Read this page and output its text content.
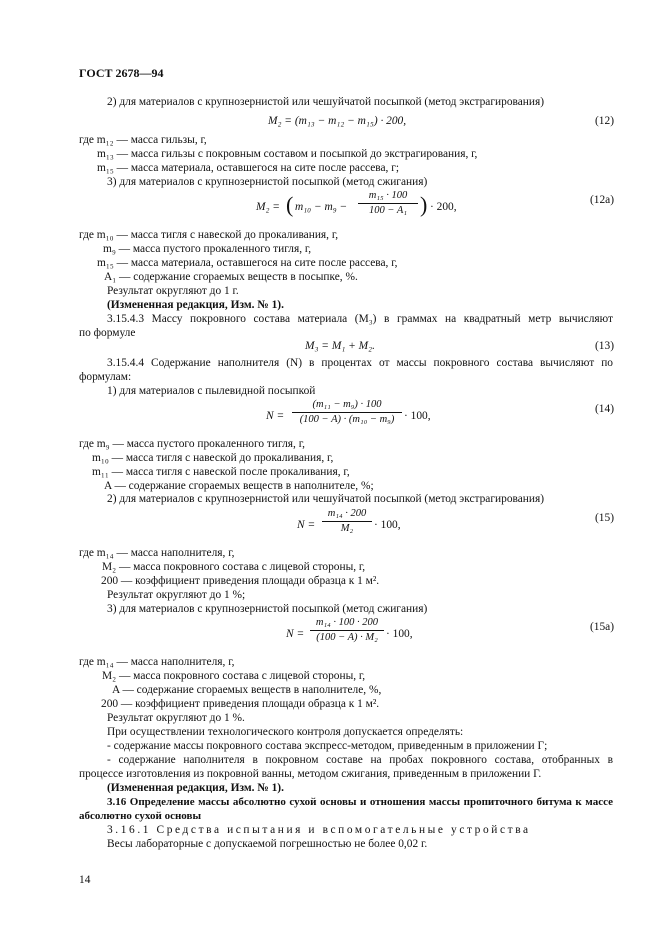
ГОСТ 2678—94
2) для материалов с крупнозернистой или чешуйчатой посыпкой (метод экстрагирования)
M₂ = (m₁₃ − m₁₂ − m₁₅) · 200,	(12)
где m₁₂ — масса гильзы, г,
m₁₃ — масса гильзы с покровным составом и посыпкой до экстрагирования, г,
m₁₅ — масса материала, оставшегося на сите после рассева, г;
3) для материалов с крупнозернистой посыпкой (метод сжигания)
M₂ = ( m₁₀ − m₉ −
m₁₅ · 100
100 − A₁ ) · 200,
(12а)
где m₁₀ — масса тигля с навеской до прокаливания, г,
m₉ — масса пустого прокаленного тигля, г,
m₁₅ — масса материала, оставшегося на сите после рассева, г,
A₁ — содержание сгораемых веществ в посыпке, %.
Результат округляют до 1 г.
(Измененная редакция, Изм. № 1).
3.15.4.3 Массу покровного состава материала (M₃) в граммах на квадратный метр вычисляют
по формуле
M₃ = M₁ + M₂.	(13)
3.15.4.4 Содержание наполнителя (N) в процентах от массы покровного состава вычисляют по
формулам:
1) для материалов с пылевидной посыпкой
N =
(m₁₁ − m₉) · 100
(100 − A) · (m₁₀ − m₉) · 100,
(14)
где m₉ — масса пустого прокаленного тигля, г,
m₁₀ — масса тигля с навеской до прокаливания, г,
m₁₁ — масса тигля с навеской после прокаливания, г,
A — содержание сгораемых веществ в наполнителе, %;
2) для материалов с крупнозернистой или чешуйчатой посыпкой (метод экстрагирования)
N =
m₁₄ · 200
M₂	· 100,
(15)
где m₁₄ — масса наполнителя, г,
M₂ — масса покровного состава с лицевой стороны, г,
200 — коэффициент приведения площади образца к 1 м².
Результат округляют до 1 %;
3) для материалов с крупнозернистой посыпкой (метод сжигания)
N =
m₁₄ · 100 · 200
(100 − A) · M₂ · 100,
(15а)
где m₁₄ — масса наполнителя, г,
M₂ — масса покровного состава с лицевой стороны, г,
A — содержание сгораемых веществ в наполнителе, %,
200 — коэффициент приведения площади образца к 1 м².
Результат округляют до 1 %.
При осуществлении технологического контроля допускается определять:
- содержание массы покровного состава экспресс-методом, приведенным в приложении Г;
- содержание наполнителя в покровном составе на пробах покровного состава, отобранных в
процессе изготовления из покровной ванны, методом сжигания, приведенным в приложении Г.
(Измененная редакция, Изм. № 1).
3.16 Определение массы абсолютно сухой основы и отношения массы пропиточного битума к массе
абсолютно сухой основы
3.16.1 Средства испытания и вспомогательные устройства
Весы лабораторные с допускаемой погрешностью не более 0,02 г.
14
